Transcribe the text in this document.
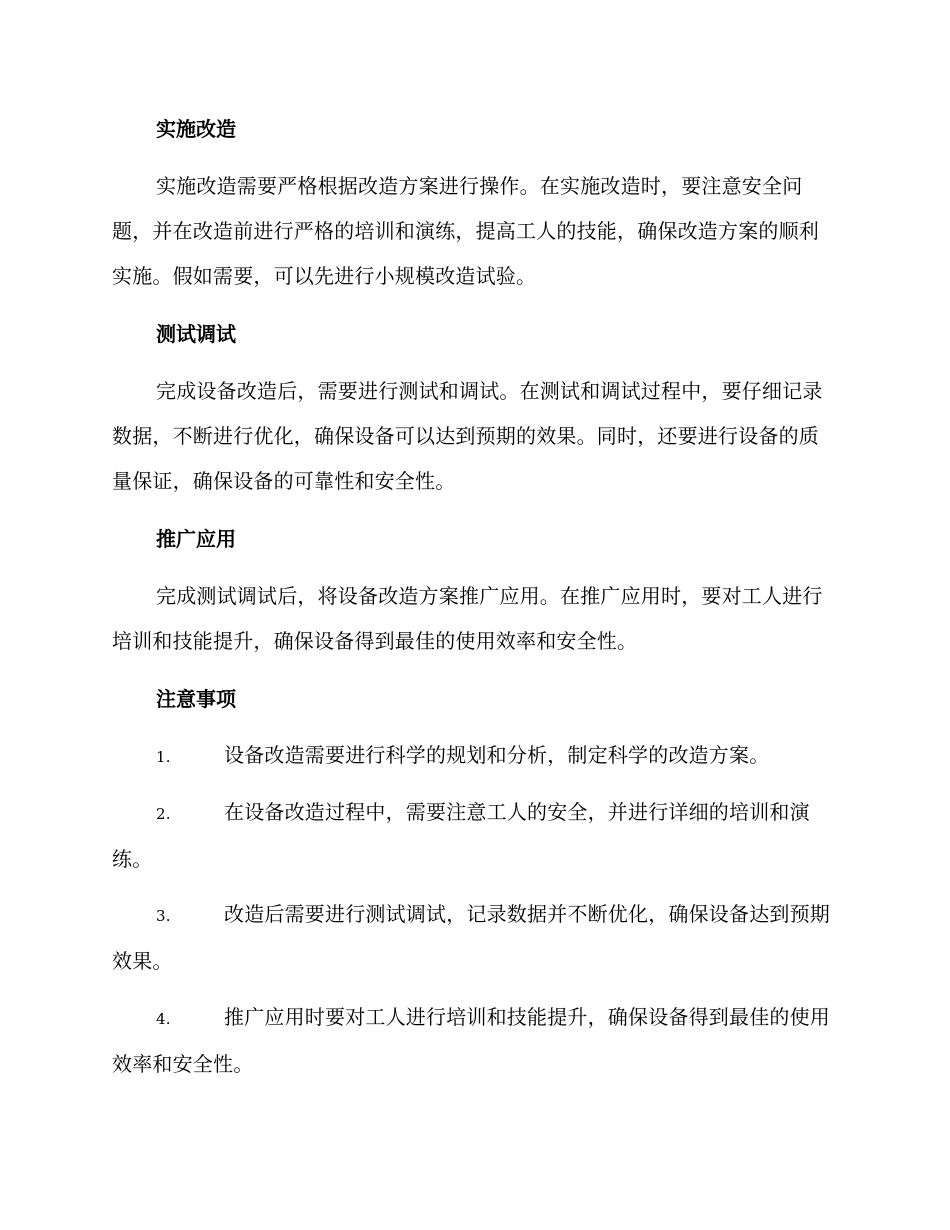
实施改造

实施改造需要严格根据改造方案进行操作。在实施改造时，要注意安全问题，并在改造前进行严格的培训和演练，提高工人的技能，确保改造方案的顺利实施。假如需要，可以先进行小规模改造试验。

测试调试

完成设备改造后，需要进行测试和调试。在测试和调试过程中，要仔细记录数据，不断进行优化，确保设备可以达到预期的效果。同时，还要进行设备的质量保证，确保设备的可靠性和安全性。

推广应用

完成测试调试后，将设备改造方案推广应用。在推广应用时，要对工人进行培训和技能提升，确保设备得到最佳的使用效率和安全性。

注意事项
1.	设备改造需要进行科学的规划和分析，制定科学的改造方案。
2.	在设备改造过程中，需要注意工人的安全，并进行详细的培训和演练。
3.	改造后需要进行测试调试，记录数据并不断优化，确保设备达到预期效果。
4.	推广应用时要对工人进行培训和技能提升，确保设备得到最佳的使用效率和安全性。
